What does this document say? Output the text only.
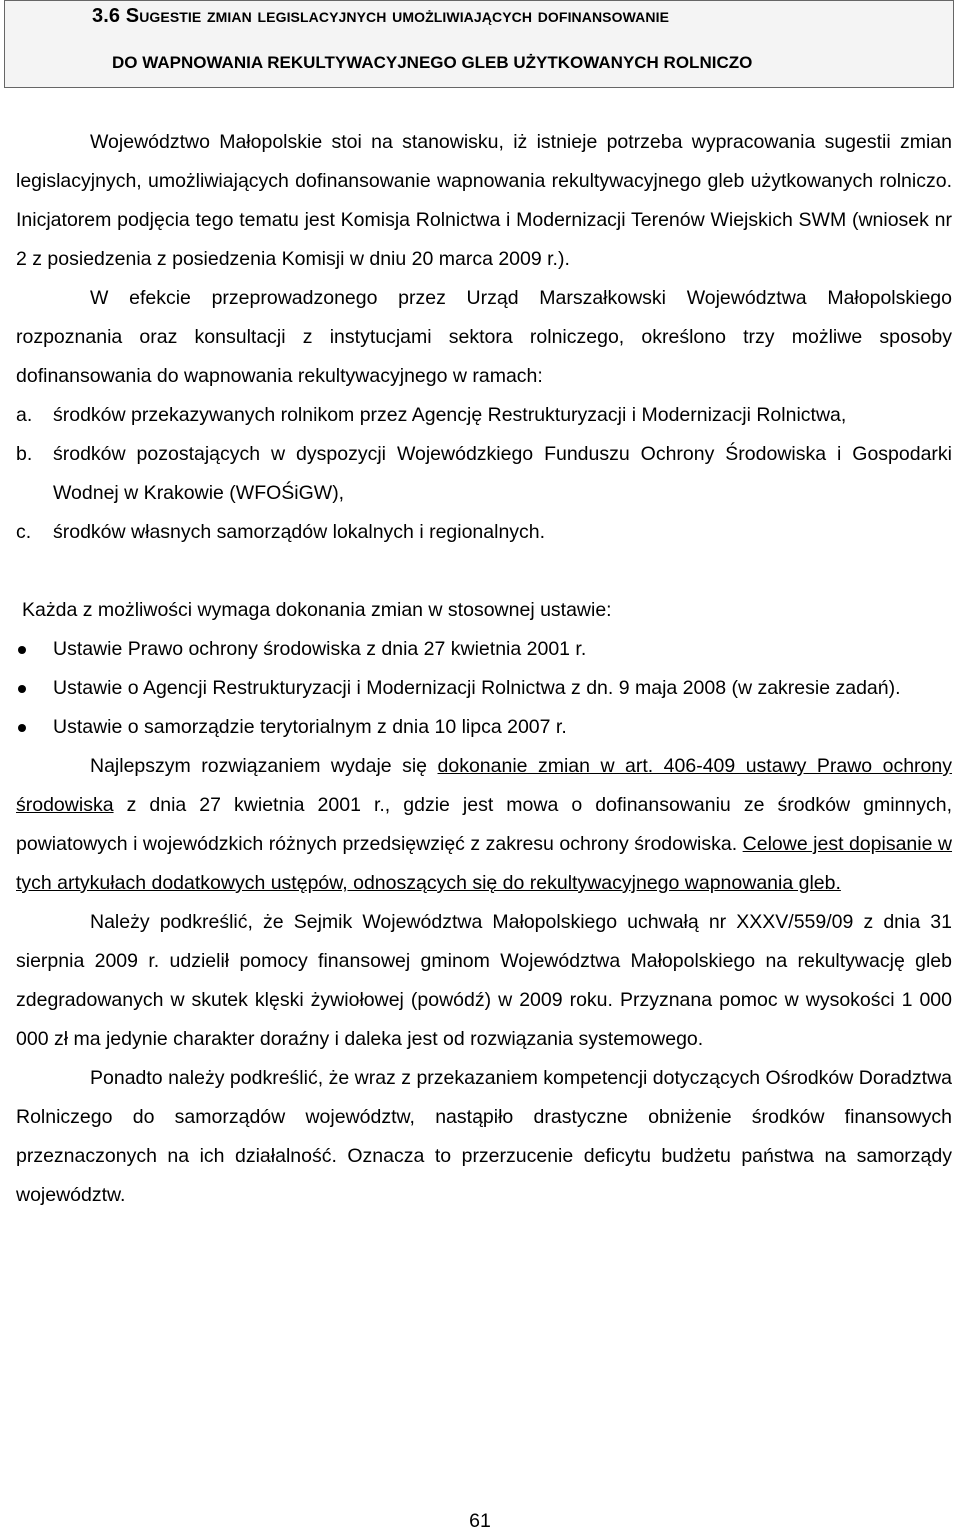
3.6 Sugestie zmian legislacyjnych umożliwiających dofinansowanie
DO WAPNOWANIA REKULTYWACYJNEGO GLEB UŻYTKOWANYCH ROLNICZO

Województwo Małopolskie stoi na stanowisku, iż istnieje potrzeba wypracowania sugestii zmian legislacyjnych, umożliwiających dofinansowanie wapnowania rekultywacyjnego gleb użytkowanych rolniczo. Inicjatorem podjęcia tego tematu jest Komisja Rolnictwa i Modernizacji Terenów Wiejskich SWM (wniosek nr 2 z posiedzenia z posiedzenia Komisji w dniu 20 marca 2009 r.).

W efekcie przeprowadzonego przez Urząd Marszałkowski Województwa Małopolskiego rozpoznania oraz konsultacji z instytucjami sektora rolniczego, określono trzy możliwe sposoby dofinansowania do wapnowania rekultywacyjnego w ramach:

a. środków przekazywanych rolnikom przez Agencję Restrukturyzacji i Modernizacji Rolnictwa,
b. środków pozostających w dyspozycji Wojewódzkiego Funduszu Ochrony Środowiska i Gospodarki Wodnej w Krakowie (WFOŚiGW),
c. środków własnych samorządów lokalnych i regionalnych.

Każda z możliwości wymaga dokonania zmian w stosownej ustawie:

Ustawie Prawo ochrony środowiska z dnia 27 kwietnia 2001 r.
Ustawie o Agencji Restrukturyzacji i Modernizacji Rolnictwa z dn. 9 maja 2008 (w zakresie zadań).
Ustawie o samorządzie terytorialnym z dnia 10 lipca 2007 r.

Najlepszym rozwiązaniem wydaje się dokonanie zmian w art. 406-409 ustawy Prawo ochrony środowiska z dnia 27 kwietnia 2001 r., gdzie jest mowa o dofinansowaniu ze środków gminnych, powiatowych i wojewódzkich różnych przedsięwzięć z zakresu ochrony środowiska. Celowe jest dopisanie w tych artykułach dodatkowych ustępów, odnoszących się do rekultywacyjnego wapnowania gleb.

Należy podkreślić, że Sejmik Województwa Małopolskiego uchwałą nr XXXV/559/09 z dnia 31 sierpnia 2009 r. udzielił pomocy finansowej gminom Województwa Małopolskiego na rekultywację gleb zdegradowanych w skutek klęski żywiołowej (powódź) w 2009 roku. Przyznana pomoc w wysokości 1 000 000 zł ma jedynie charakter doraźny i daleka jest od rozwiązania systemowego.

Ponadto należy podkreślić, że wraz z przekazaniem kompetencji dotyczących Ośrodków Doradztwa Rolniczego do samorządów województw, nastąpiło drastyczne obniżenie środków finansowych przeznaczonych na ich działalność. Oznacza to przerzucenie deficytu budżetu państwa na samorządy województw.

61
